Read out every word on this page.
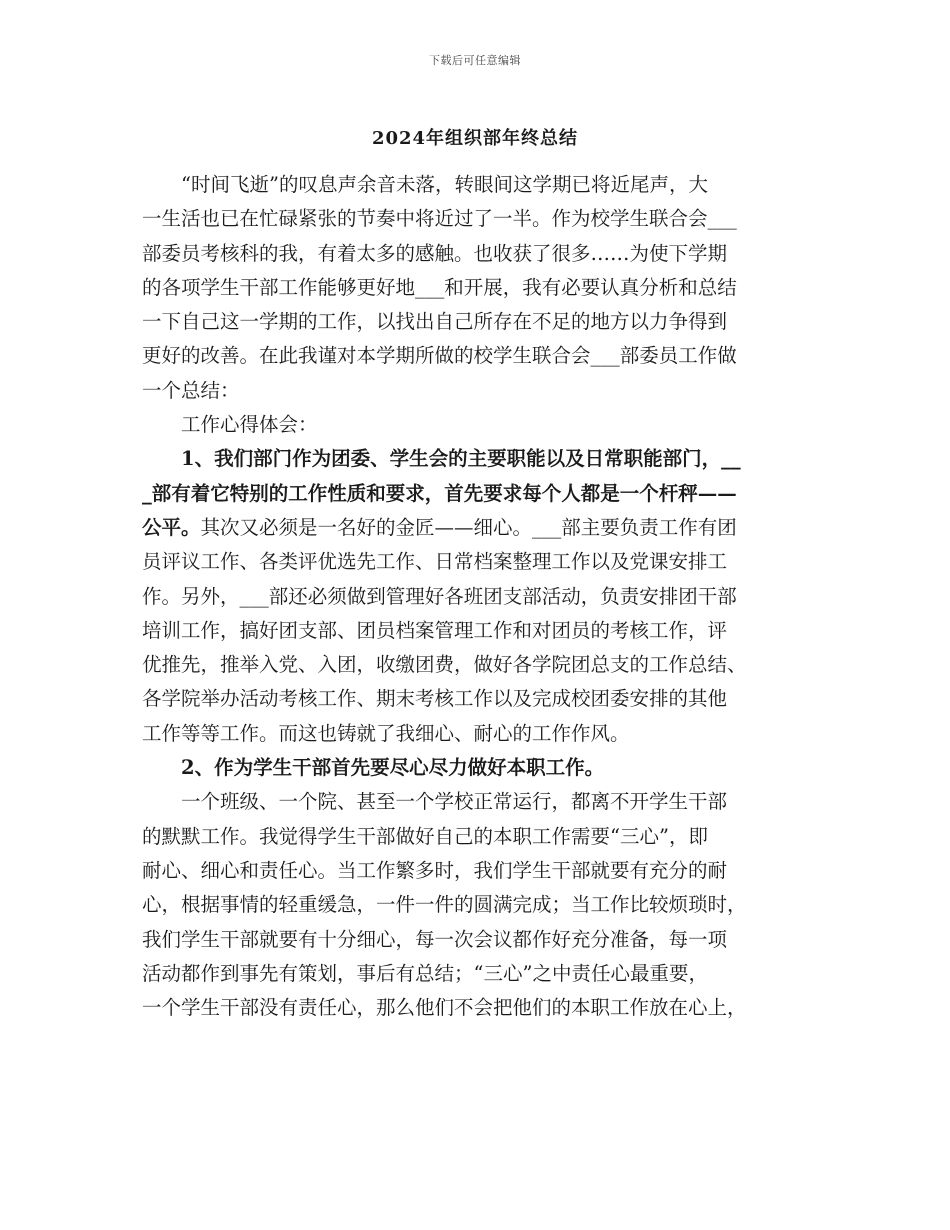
下载后可任意编辑
2024年组织部年终总结
“时间飞逝”的叹息声余音未落，转眼间这学期已将近尾声，大
一生活也已在忙碌紧张的节奏中将近过了一半。作为校学生联合会___
部委员考核科的我，有着太多的感触。也收获了很多……为使下学期
的各项学生干部工作能够更好地___和开展，我有必要认真分析和总结
一下自己这一学期的工作，以找出自己所存在不足的地方以力争得到
更好的改善。在此我谨对本学期所做的校学生联合会___部委员工作做
一个总结：
工作心得体会：
1、我们部门作为团委、学生会的主要职能以及日常职能部门，__
_部有着它特别的工作性质和要求，首先要求每个人都是一个杆秤——
公平。其次又必须是一名好的金匠——细心。___部主要负责工作有团
员评议工作、各类评优选先工作、日常档案整理工作以及党课安排工
作。另外，___部还必须做到管理好各班团支部活动，负责安排团干部
培训工作，搞好团支部、团员档案管理工作和对团员的考核工作，评
优推先，推举入党、入团，收缴团费，做好各学院团总支的工作总结、
各学院举办活动考核工作、期末考核工作以及完成校团委安排的其他
工作等等工作。而这也铸就了我细心、耐心的工作作风。
2、作为学生干部首先要尽心尽力做好本职工作。
一个班级、一个院、甚至一个学校正常运行，都离不开学生干部
的默默工作。我觉得学生干部做好自己的本职工作需要“三心”，即
耐心、细心和责任心。当工作繁多时，我们学生干部就要有充分的耐
心，根据事情的轻重缓急，一件一件的圆满完成；当工作比较烦琐时，
我们学生干部就要有十分细心，每一次会议都作好充分准备，每一项
活动都作到事先有策划，事后有总结；“三心”之中责任心最重要，
一个学生干部没有责任心，那么他们不会把他们的本职工作放在心上，
